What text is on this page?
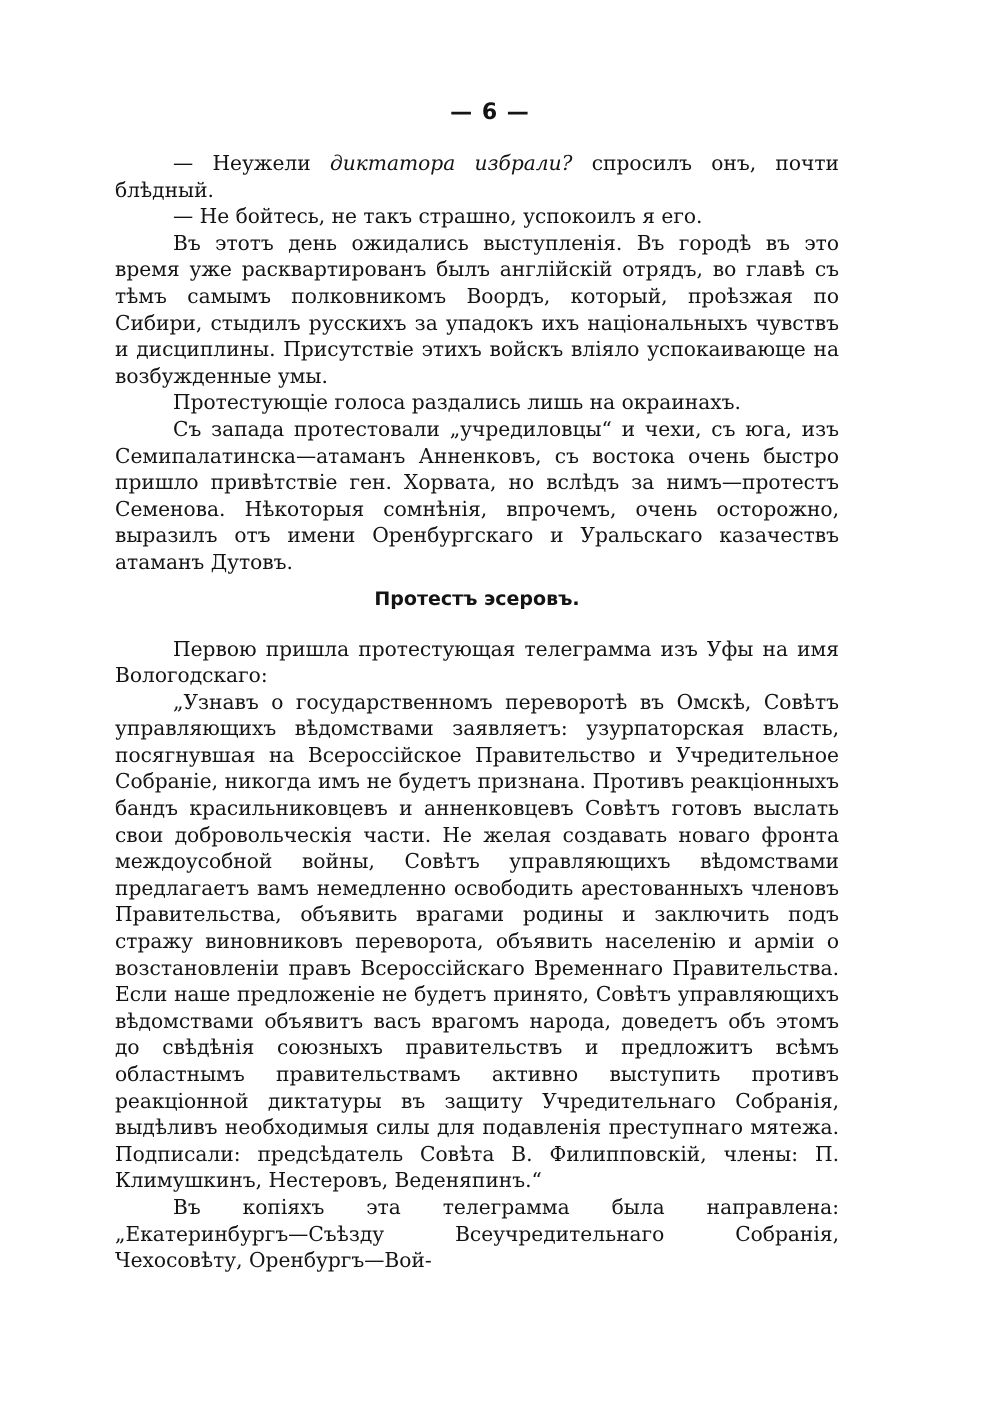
— 6 —

— Неужели диктатора избрали? спросилъ онъ, почти блѣдный.

— Не бойтесь, не такъ страшно, успокоилъ я его.

Въ этотъ день ожидались выступленія. Въ городѣ въ это время уже расквартированъ былъ англійскій отрядъ, во главѣ съ тѣмъ самымъ полковникомъ Воордъ, который, проѣзжая по Сибири, стыдилъ русскихъ за упадокъ ихъ національныхъ чувствъ и дисциплины. Присутствіе этихъ войскъ вліяло успокаивающе на возбужденные умы.

Протестующіе голоса раздались лишь на окраинахъ.

Съ запада протестовали „учредиловцы“ и чехи, съ юга, изъ Семипалатинска—атаманъ Анненковъ, съ востока очень быстро пришло привѣтствіе ген. Хорвата, но вслѣдъ за нимъ—протестъ Семенова. Нѣкоторыя сомнѣнія, впрочемъ, очень осторожно, выразилъ отъ имени Оренбургскаго и Уральскаго казачествъ атаманъ Дутовъ.

Протестъ эсеровъ.

Первою пришла протестующая телеграмма изъ Уфы на имя Вологодскаго:

„Узнавъ о государственномъ переворотѣ въ Омскѣ, Совѣтъ управляющихъ вѣдомствами заявляетъ: узурпаторская власть, посягнувшая на Всероссійское Правительство и Учредительное Собраніе, никогда имъ не будетъ признана. Противъ реакціонныхъ бандъ красильниковцевъ и анненковцевъ Совѣтъ готовъ выслать свои добровольческія части. Не желая создавать новаго фронта междоусобной войны, Совѣтъ управляющихъ вѣдомствами предлагаетъ вамъ немедленно освободить арестованныхъ членовъ Правительства, объявить врагами родины и заключить подъ стражу виновниковъ переворота, объявить населенію и арміи о возстановленіи правъ Всероссійскаго Временнаго Правительства. Если наше предложеніе не будетъ принято, Совѣтъ управляющихъ вѣдомствами объявитъ васъ врагомъ народа, доведетъ объ этомъ до свѣдѣнія союзныхъ правительствъ и предложитъ всѣмъ областнымъ правительствамъ активно выступить противъ реакціонной диктатуры въ защиту Учредительнаго Собранія, выдѣливъ необходимыя силы для подавленія преступнаго мятежа. Подписали: предсѣдатель Совѣта В. Филипповскій, члены: П. Климушкинъ, Нестеровъ, Веденяпинъ.“

Въ копіяхъ эта телеграмма была направлена: „Екатеринбургъ—Съѣзду Всеучредительнаго Собранія, Чехосовѣту, Оренбургъ—Вой-
